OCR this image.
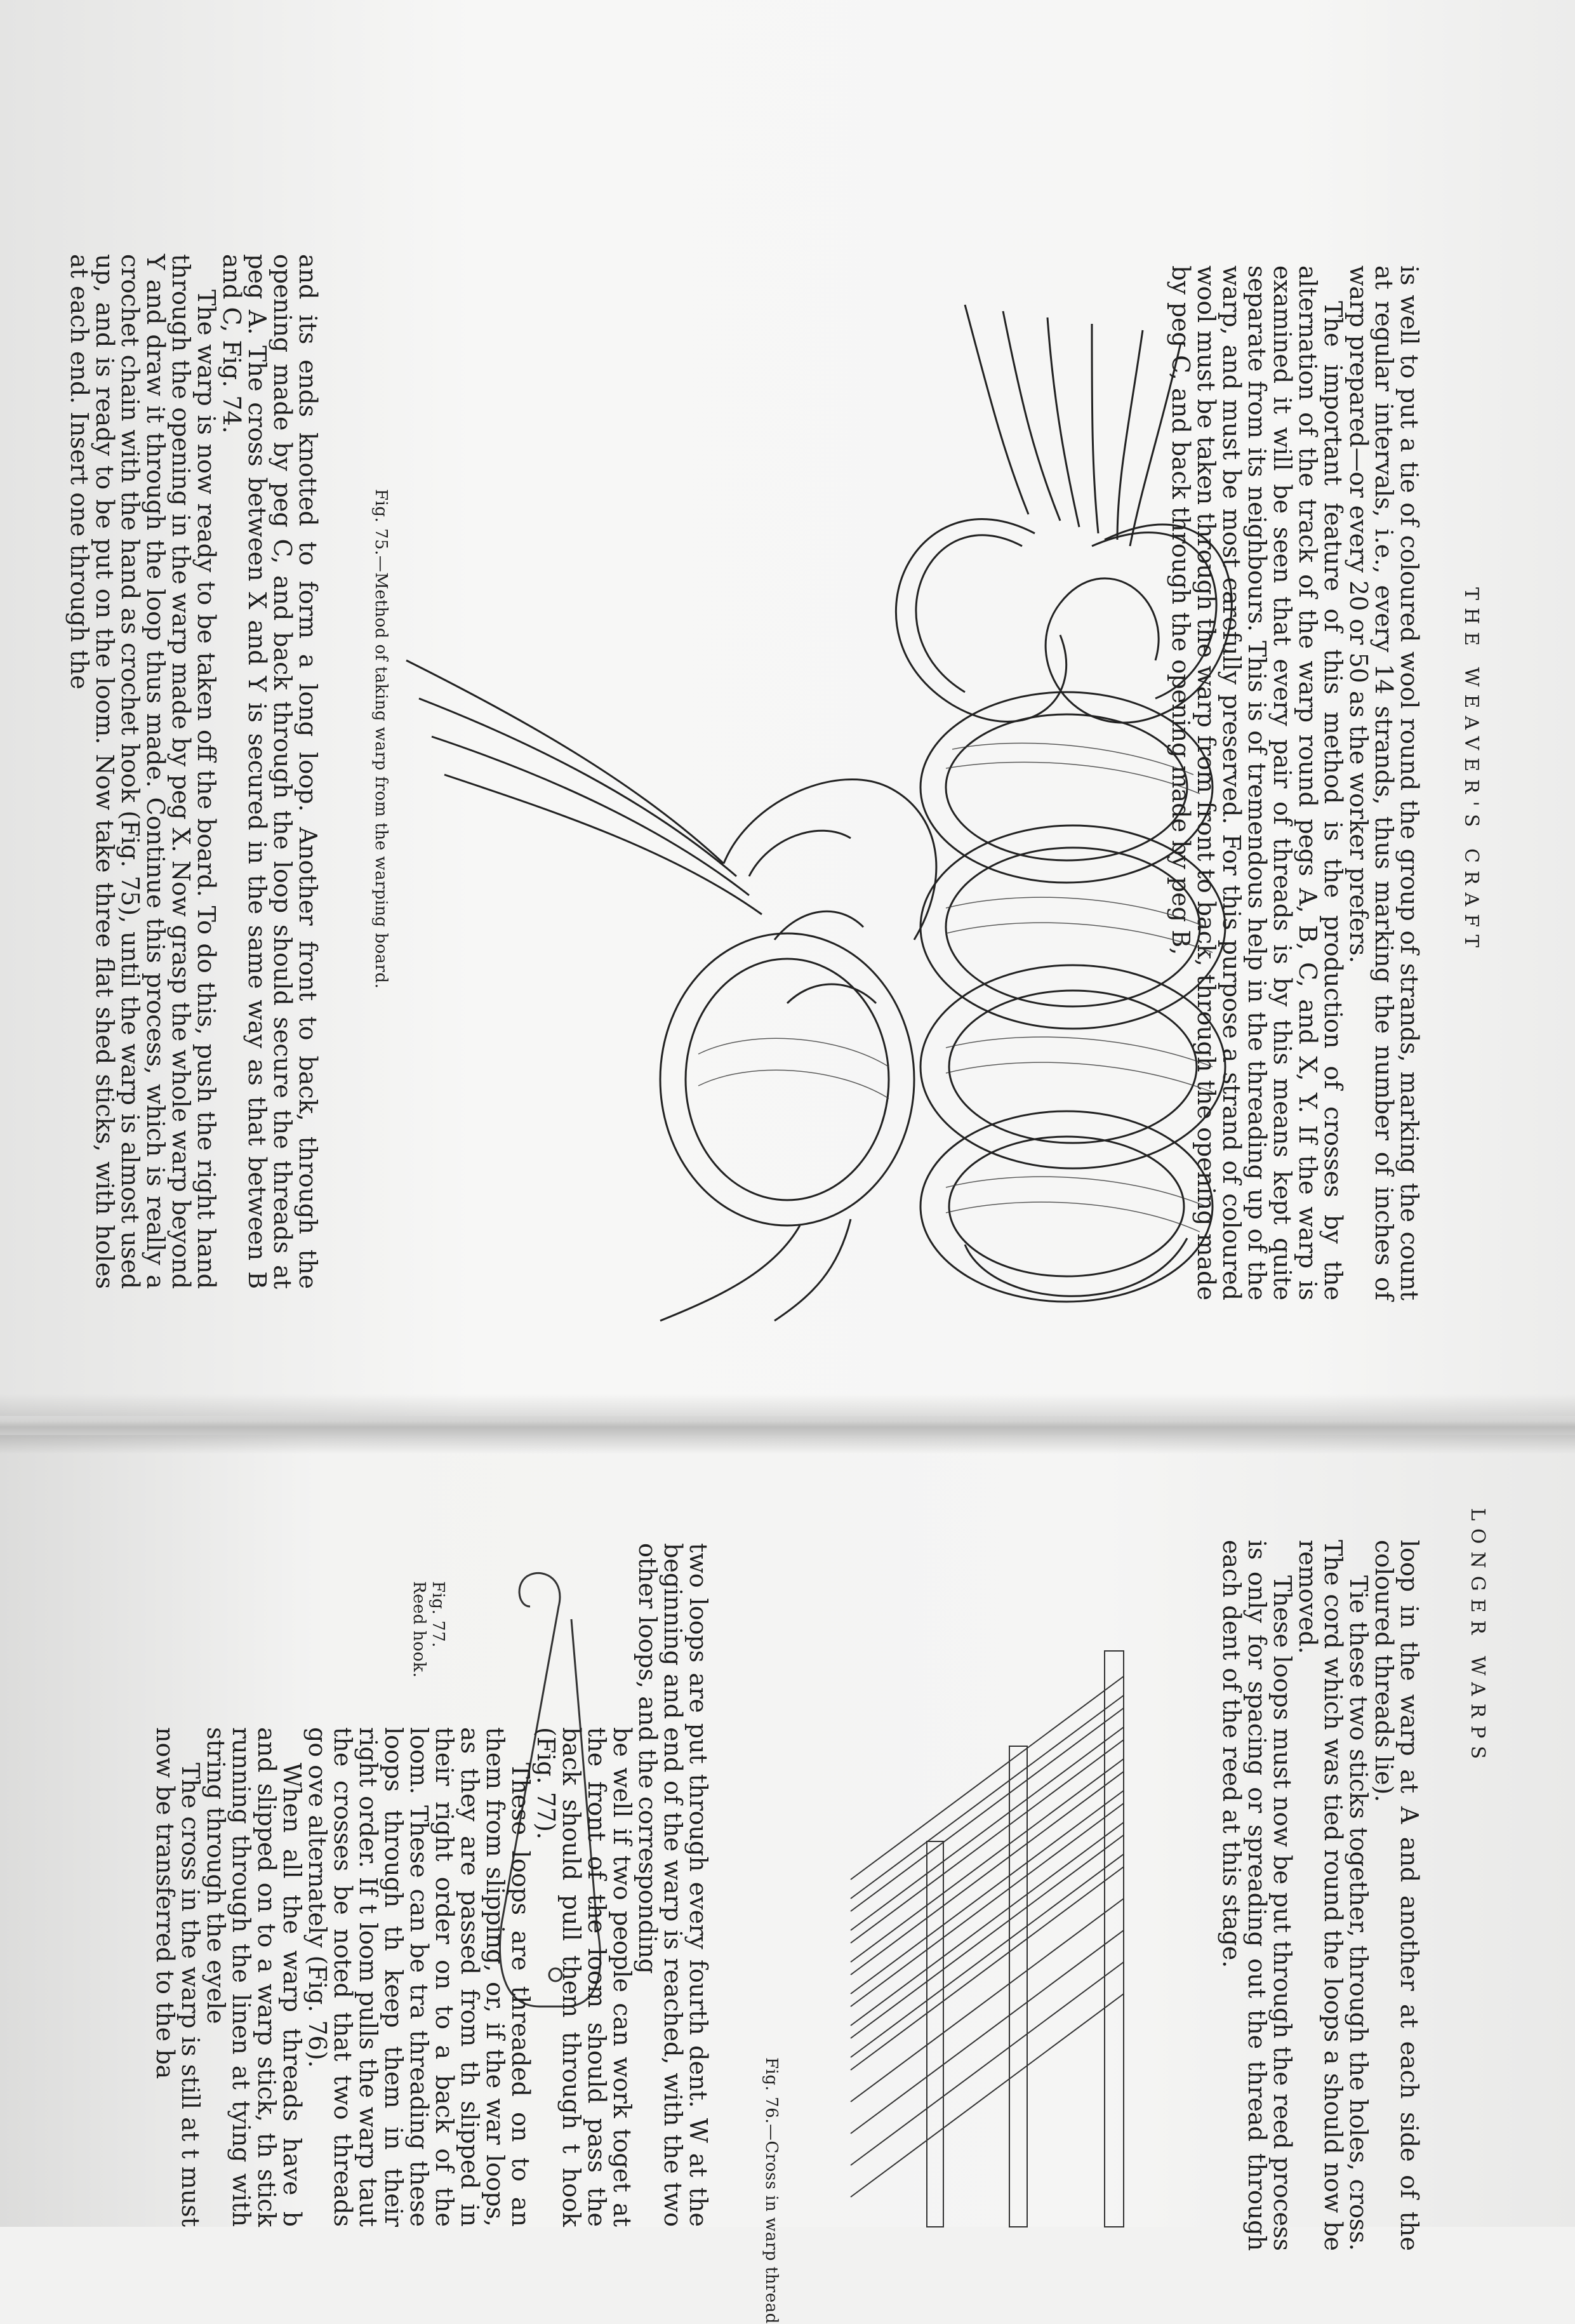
THE WEAVER'S CRAFT

is well to put a tie of coloured wool round the group of strands, marking the count at regular intervals, i.e., every 14 strands, thus marking the number of inches of warp prepared—or every 20 or 50 as the worker prefers.

The important feature of this method is the production of crosses by the alternation of the track of the warp round pegs A, B, C, and X, Y. If the warp is examined it will be seen that every pair of threads is by this means kept quite separate from its neighbours. This is of tremendous help in the threading up of the warp, and must be most carefully preserved. For this purpose a strand of coloured wool must be taken through the warp from front to back, through the opening made by peg C, and back through the opening made by peg B,

Fig. 75.—Method of taking warp from the warping board.

and its ends knotted to form a long loop. Another front to back, through the opening made by peg C, and back through the loop should secure the threads at peg A. The cross between X and Y is secured in the same way as that between B and C, Fig. 74.

The warp is now ready to be taken off the board. To do this, push the right hand through the opening in the warp made by peg X. Now grasp the whole warp beyond Y and draw it through the loop thus made. Continue this process, which is really a crochet chain with the hand as crochet hook (Fig. 75), until the warp is almost used up, and is ready to be put on the loom. Now take three flat shed sticks, with holes at each end. Insert one through the

LONGER WARPS

loop in the warp at A and another at each side of the coloured threads lie).

Tie these two sticks together, through the holes, cross. The cord which was tied round the loops a should now be removed.

These loops must now be put through the reed process is only for spacing or spreading out the thread through each dent of the reed at this stage.

Fig. 76.—Cross in warp thread

two loops are put through every fourth dent. W at the beginning and end of the warp is reached, with the two other loops, and the corresponding

Fig. 77.
Reed hook.

be well if two people can work toget at the front of the loom should pass the back should pull them through t hook (Fig. 77).

These loops are threaded on to an them from slipping, or, if the war loops, as they are passed from th slipped in their right order on to a back of the loom. These can be tra threading these loops through th keep them in their right order. If t loom pulls the warp taut the crosses be noted that two threads go ove alternately (Fig. 76).

When all the warp threads have b and slipped on to a warp stick, th stick running through the linen at tying with string through the eyele

The cross in the warp is still at t must now be transferred to the ba
